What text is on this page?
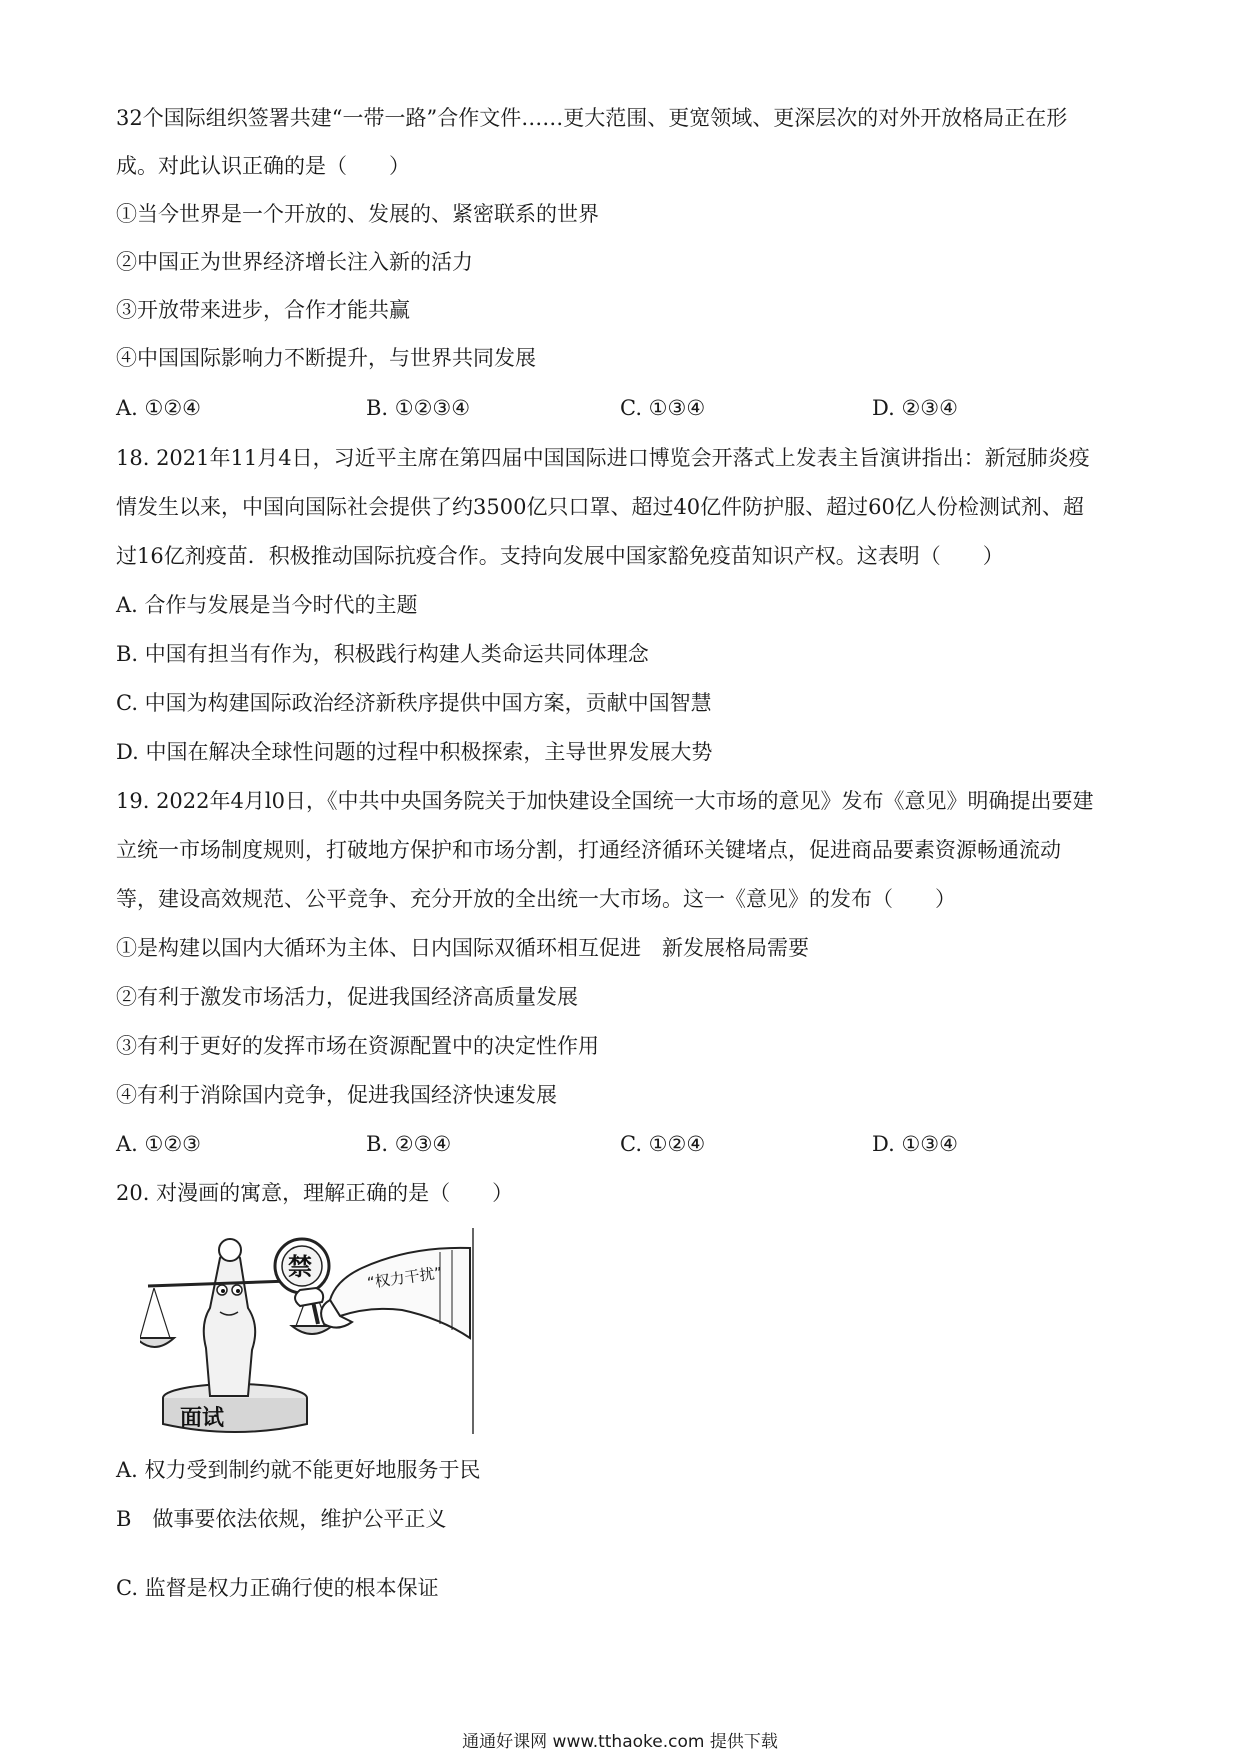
32个国际组织签署共建“一带一路”合作文件……更大范围、更宽领域、更深层次的对外开放格局正在形
成。对此认识正确的是（　　）
①当今世界是一个开放的、发展的、紧密联系的世界
②中国正为世界经济增长注入新的活力
③开放带来进步，合作才能共赢
④中国国际影响力不断提升，与世界共同发展
A. ①②④	B. ①②③④	C. ①③④	D. ②③④
18. 2021年11月4日，习近平主席在第四届中国国际进口博览会开落式上发表主旨演讲指出：新冠肺炎疫
情发生以来，中国向国际社会提供了约3500亿只口罩、超过40亿件防护服、超过60亿人份检测试剂、超
过16亿剂疫苗．积极推动国际抗疫合作。支持向发展中国家豁免疫苗知识产权。这表明（　　）
A. 合作与发展是当今时代的主题
B. 中国有担当有作为，积极践行构建人类命运共同体理念
C. 中国为构建国际政治经济新秩序提供中国方案，贡献中国智慧
D. 中国在解决全球性问题的过程中积极探索，主导世界发展大势
19. 2022年4月l0日，《中共中央国务院关于加快建设全国统一大市场的意见》发布《意见》明确提出要建
立统一市场制度规则，打破地方保护和市场分割，打通经济循环关键堵点，促进商品要素资源畅通流动
等，建设高效规范、公平竞争、充分开放的全出统一大市场。这一《意见》的发布（　　）
①是构建以国内大循环为主体、日内国际双循环相互促进　新发展格局需要
②有利于激发市场活力，促进我国经济高质量发展
③有利于更好的发挥市场在资源配置中的决定性作用
④有利于消除国内竞争，促进我国经济快速发展
A. ①②③	B. ②③④	C. ①②④	D. ①③④
20. 对漫画的寓意，理解正确的是（　　）
面试
禁	“权力干扰”
A. 权力受到制约就不能更好地服务于民
B　做事要依法依规，维护公平正义
C. 监督是权力正确行使的根本保证
通通好课网 www.tthaoke.com 提供下载
